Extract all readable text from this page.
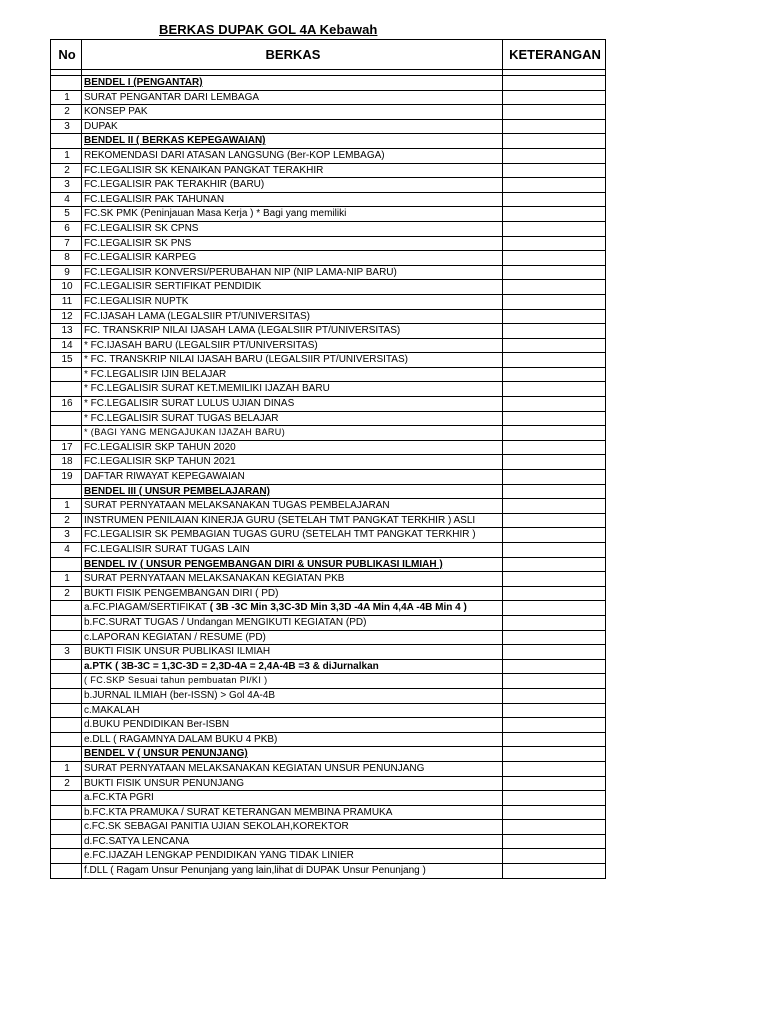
BERKAS DUPAK GOL 4A Kebawah
No	BERKAS	KETERANGAN

	BENDEL I (PENGANTAR)	
1	SURAT PENGANTAR DARI LEMBAGA	
2	KONSEP PAK	
3	DUPAK	
	BENDEL II ( BERKAS KEPEGAWAIAN)	
1	REKOMENDASI DARI ATASAN LANGSUNG (Ber-KOP LEMBAGA)	
2	FC.LEGALISIR SK KENAIKAN PANGKAT TERAKHIR	
3	FC.LEGALISIR PAK TERAKHIR (BARU)	
4	FC.LEGALISIR PAK TAHUNAN	
5	FC.SK PMK (Peninjauan Masa Kerja ) * Bagi yang memiliki	
6	FC.LEGALISIR SK CPNS	
7	FC.LEGALISIR SK PNS	
8	FC.LEGALISIR KARPEG	
9	FC.LEGALISIR KONVERSI/PERUBAHAN NIP (NIP LAMA-NIP BARU)	
10	FC.LEGALISIR SERTIFIKAT PENDIDIK	
11	FC.LEGALISIR NUPTK	
12	FC.IJASAH LAMA (LEGALSIIR PT/UNIVERSITAS)	
13	FC. TRANSKRIP NILAI IJASAH LAMA (LEGALSIIR PT/UNIVERSITAS)	
14	* FC.IJASAH BARU (LEGALSIIR PT/UNIVERSITAS)	
15	* FC. TRANSKRIP NILAI IJASAH BARU (LEGALSIIR PT/UNIVERSITAS)	
	* FC.LEGALISIR IJIN BELAJAR	
	* FC.LEGALISIR SURAT KET.MEMILIKI IJAZAH BARU	
16	* FC.LEGALISIR SURAT LULUS UJIAN DINAS	
	* FC.LEGALISIR SURAT TUGAS BELAJAR	
	* (BAGI YANG MENGAJUKAN IJAZAH BARU)	
17	FC.LEGALISIR SKP TAHUN 2020	
18	FC.LEGALISIR SKP TAHUN 2021	
19	DAFTAR RIWAYAT KEPEGAWAIAN	
	BENDEL III ( UNSUR PEMBELAJARAN)	
1	SURAT PERNYATAAN MELAKSANAKAN TUGAS PEMBELAJARAN	
2	INSTRUMEN PENILAIAN KINERJA GURU (SETELAH TMT PANGKAT TERKHIR ) ASLI	
3	FC.LEGALISIR SK PEMBAGIAN TUGAS GURU (SETELAH TMT PANGKAT TERKHIR )	
4	FC.LEGALISIR SURAT TUGAS LAIN	
	BENDEL IV ( UNSUR PENGEMBANGAN DIRI & UNSUR PUBLIKASI ILMIAH )	
1	SURAT PERNYATAAN MELAKSANAKAN KEGIATAN PKB	
2	BUKTI FISIK PENGEMBANGAN DIRI ( PD)	
	a.FC.PIAGAM/SERTIFIKAT ( 3B -3C Min 3,3C-3D Min 3,3D -4A Min 4,4A -4B Min 4 )	
	b.FC.SURAT TUGAS / Undangan MENGIKUTI KEGIATAN (PD)	
	c.LAPORAN KEGIATAN / RESUME (PD)	
3	BUKTI FISIK UNSUR PUBLIKASI ILMIAH	
	a.PTK ( 3B-3C = 1,3C-3D = 2,3D-4A = 2,4A-4B =3 & diJurnalkan	
	( FC.SKP Sesuai tahun pembuatan PI/KI )	
	b.JURNAL ILMIAH (ber-ISSN) > Gol 4A-4B	
	c.MAKALAH	
	d.BUKU PENDIDIKAN Ber-ISBN	
	e.DLL ( RAGAMNYA DALAM BUKU 4 PKB)	
	BENDEL V ( UNSUR PENUNJANG)	
1	SURAT PERNYATAAN MELAKSANAKAN KEGIATAN UNSUR PENUNJANG	
2	BUKTI FISIK UNSUR PENUNJANG	
	a.FC.KTA PGRI	
	b.FC.KTA PRAMUKA / SURAT KETERANGAN MEMBINA PRAMUKA	
	c.FC.SK SEBAGAI PANITIA UJIAN SEKOLAH,KOREKTOR	
	d.FC.SATYA LENCANA	
	e.FC.IJAZAH LENGKAP PENDIDIKAN YANG TIDAK LINIER	
	f.DLL ( Ragam Unsur Penunjang yang lain,lihat di DUPAK Unsur Penunjang )	
